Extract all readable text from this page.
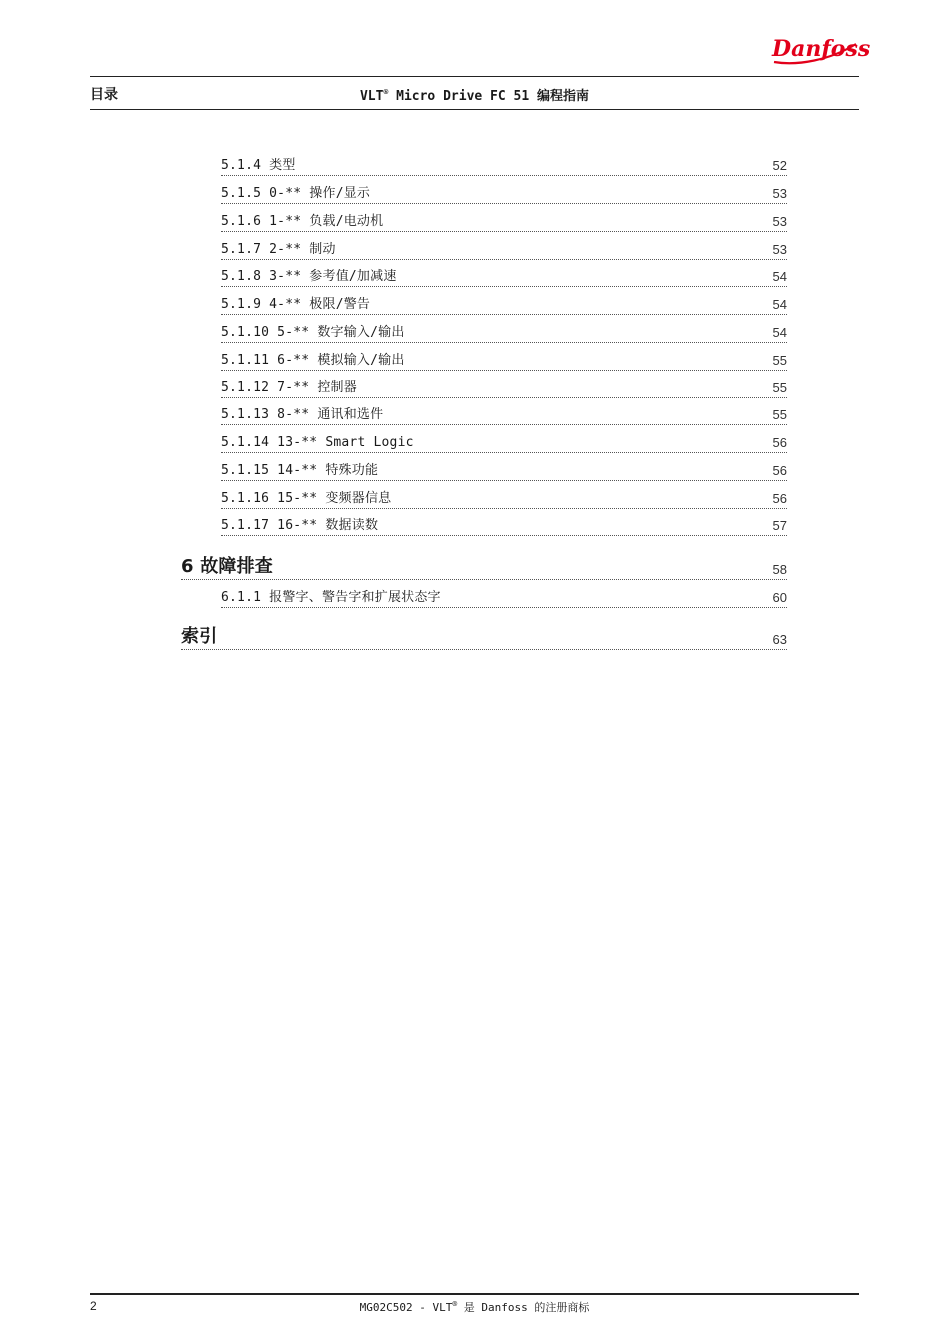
Danfoss
目录	VLT® Micro Drive FC 51 编程指南
5.1.4 类型	52
5.1.5 0-** 操作/显示	53
5.1.6 1-** 负载/电动机	53
5.1.7 2-** 制动	53
5.1.8 3-** 参考值/加减速	54
5.1.9 4-** 极限/警告	54
5.1.10 5-** 数字输入/输出	54
5.1.11 6-** 模拟输入/输出	55
5.1.12 7-** 控制器	55
5.1.13 8-** 通讯和选件	55
5.1.14 13-** Smart Logic	56
5.1.15 14-** 特殊功能	56
5.1.16 15-** 变频器信息	56
5.1.17 16-** 数据读数	57
6 故障排查	58
6.1.1 报警字、警告字和扩展状态字	60
索引	63
2	MG02C502 - VLT® 是 Danfoss 的注册商标
